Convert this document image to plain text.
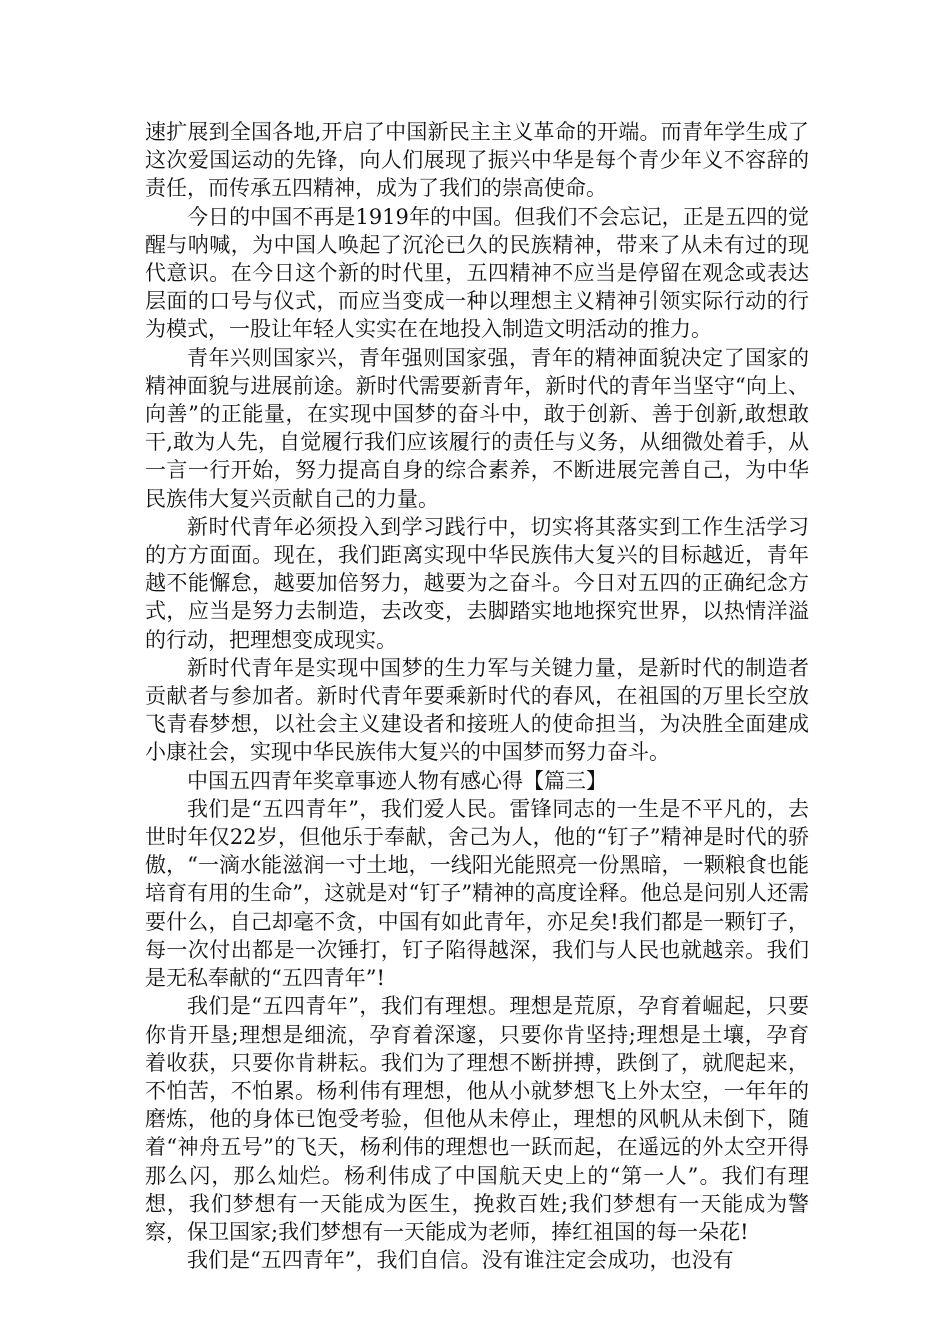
速扩展到全国各地,开启了中国新民主主义革命的开端。而青年学生成了这次爱国运动的先锋，向人们展现了振兴中华是每个青少年义不容辞的责任，而传承五四精神，成为了我们的崇高使命。

今日的中国不再是1919年的中国。但我们不会忘记，正是五四的觉醒与呐喊，为中国人唤起了沉沦已久的民族精神，带来了从未有过的现代意识。在今日这个新的时代里，五四精神不应当是停留在观念或表达层面的口号与仪式，而应当变成一种以理想主义精神引领实际行动的行为模式，一股让年轻人实实在在地投入制造文明活动的推力。

青年兴则国家兴，青年强则国家强，青年的精神面貌决定了国家的精神面貌与进展前途。新时代需要新青年，新时代的青年当坚守“向上、向善”的正能量，在实现中国梦的奋斗中，敢于创新、善于创新,敢想敢干,敢为人先，自觉履行我们应该履行的责任与义务，从细微处着手，从一言一行开始，努力提高自身的综合素养，不断进展完善自己，为中华民族伟大复兴贡献自己的力量。

新时代青年必须投入到学习践行中，切实将其落实到工作生活学习的方方面面。现在，我们距离实现中华民族伟大复兴的目标越近，青年越不能懈怠，越要加倍努力，越要为之奋斗。今日对五四的正确纪念方式，应当是努力去制造，去改变，去脚踏实地地探究世界，以热情洋溢的行动，把理想变成现实。

新时代青年是实现中国梦的生力军与关键力量，是新时代的制造者贡献者与参加者。新时代青年要乘新时代的春风，在祖国的万里长空放飞青春梦想，以社会主义建设者和接班人的使命担当，为决胜全面建成小康社会，实现中华民族伟大复兴的中国梦而努力奋斗。

中国五四青年奖章事迹人物有感心得【篇三】

我们是“五四青年”，我们爱人民。雷锋同志的一生是不平凡的，去世时年仅22岁，但他乐于奉献，舍己为人，他的“钉子”精神是时代的骄傲，“一滴水能滋润一寸土地，一线阳光能照亮一份黑暗，一颗粮食也能培育有用的生命”，这就是对“钉子”精神的高度诠释。他总是问别人还需要什么，自己却毫不贪，中国有如此青年，亦足矣!我们都是一颗钉子，每一次付出都是一次锤打，钉子陷得越深，我们与人民也就越亲。我们是无私奉献的“五四青年”!

我们是“五四青年”，我们有理想。理想是荒原，孕育着崛起，只要你肯开垦;理想是细流，孕育着深邃，只要你肯坚持;理想是土壤，孕育着收获，只要你肯耕耘。我们为了理想不断拼搏，跌倒了，就爬起来，不怕苦，不怕累。杨利伟有理想，他从小就梦想飞上外太空，一年年的磨炼，他的身体已饱受考验，但他从未停止，理想的风帆从未倒下，随着“神舟五号”的飞天，杨利伟的理想也一跃而起，在遥远的外太空开得那么闪，那么灿烂。杨利伟成了中国航天史上的“第一人”。我们有理想，我们梦想有一天能成为医生，挽救百姓;我们梦想有一天能成为警察，保卫国家;我们梦想有一天能成为老师，捧红祖国的每一朵花!

我们是“五四青年”，我们自信。没有谁注定会成功，也没有
